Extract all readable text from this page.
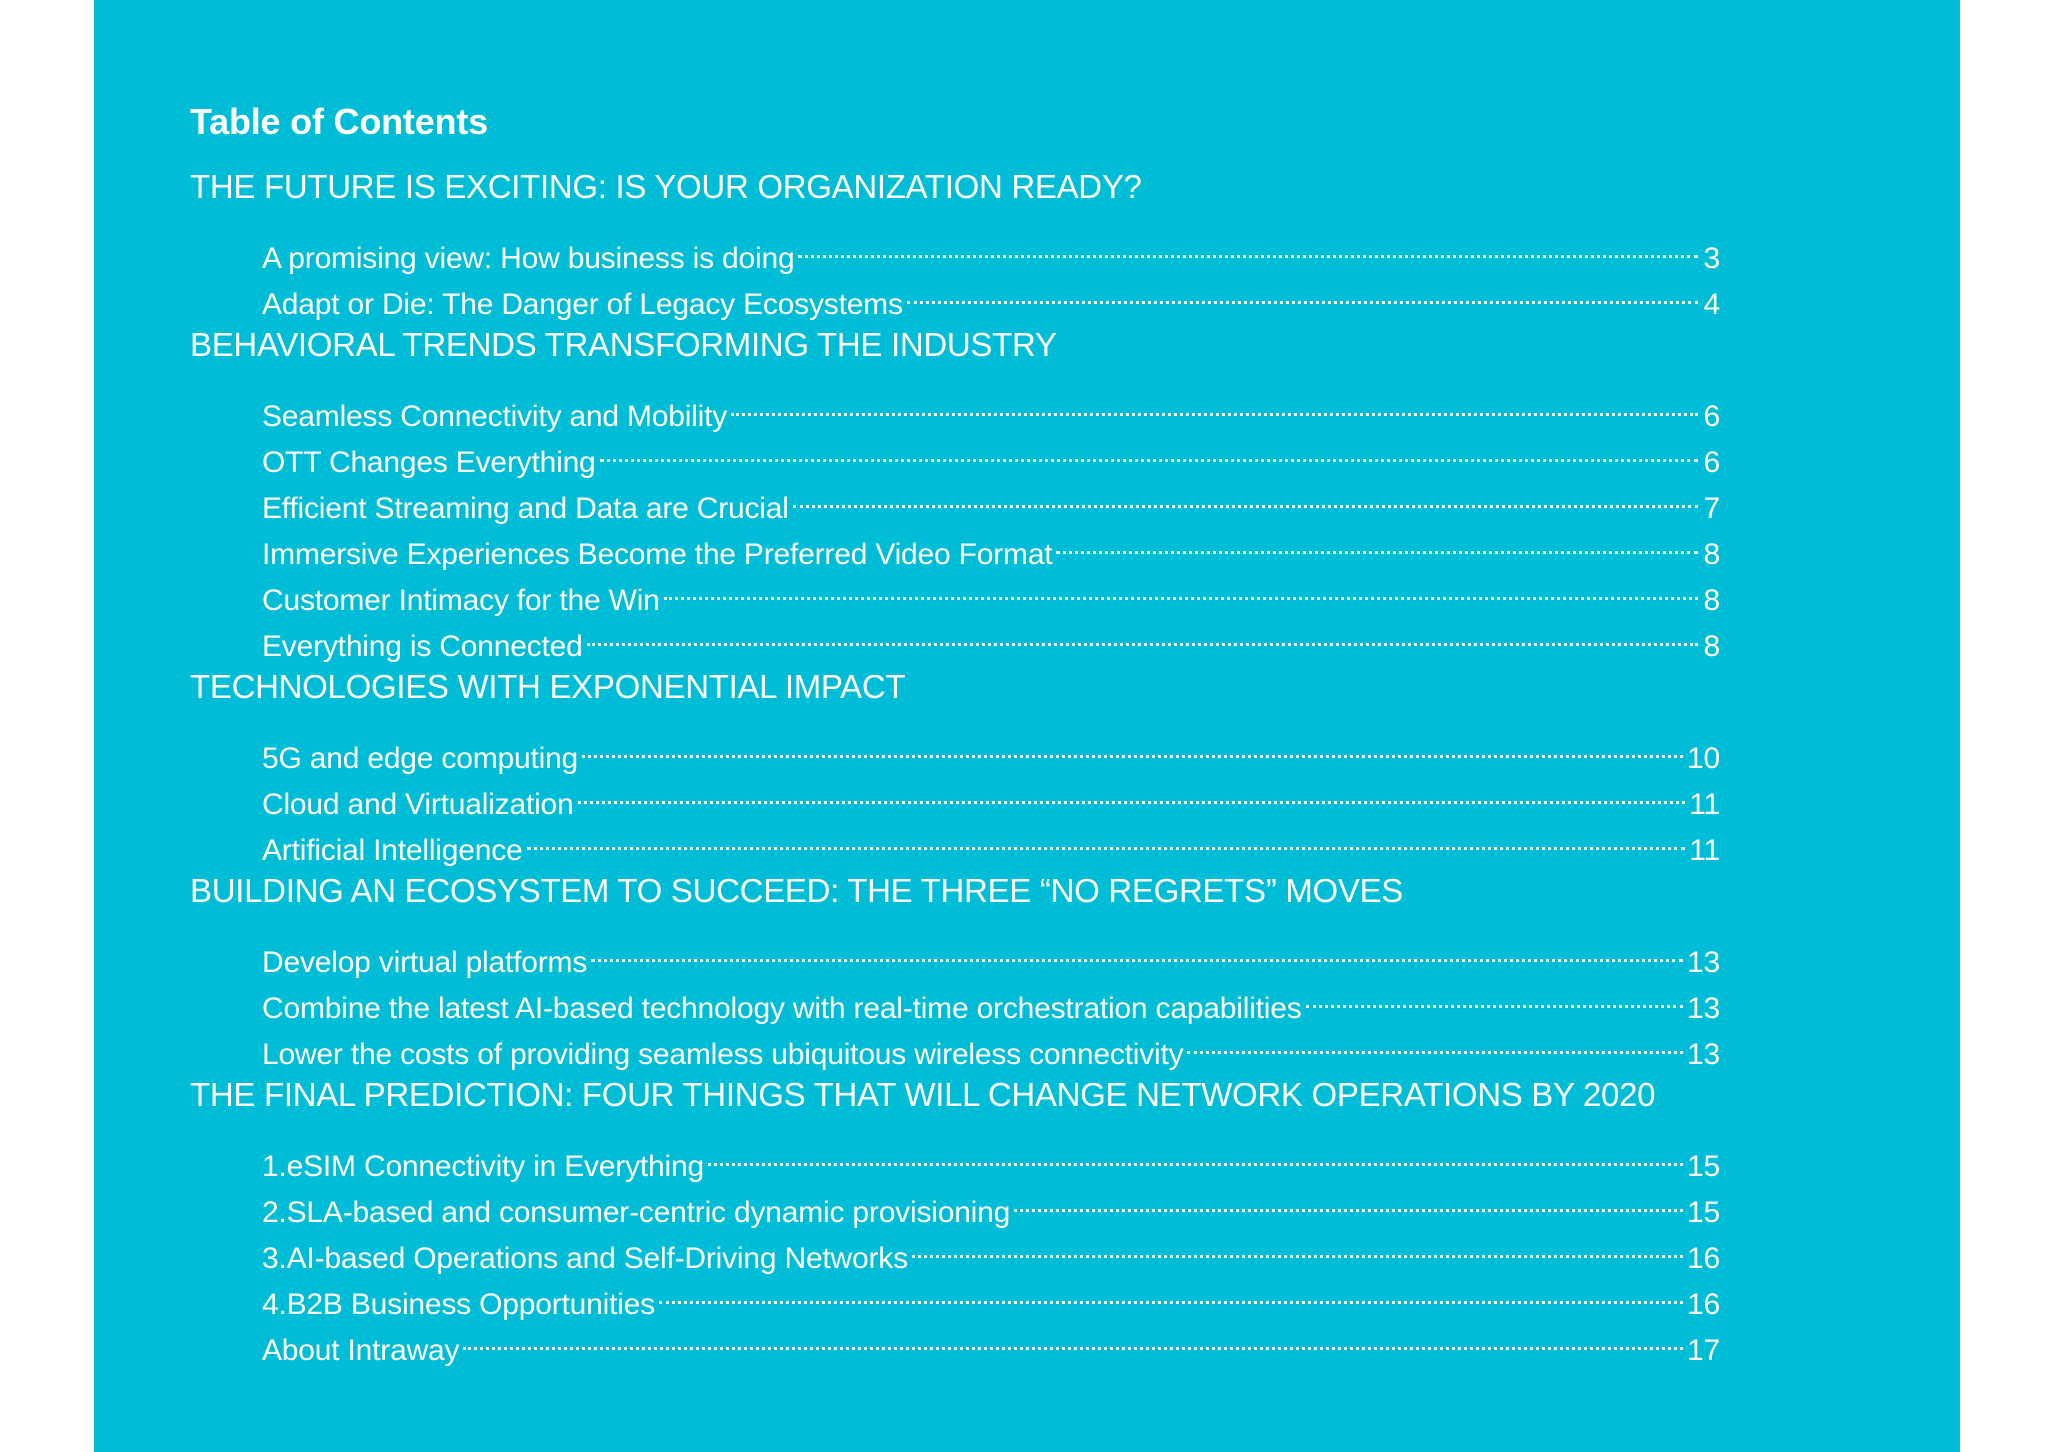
Table of Contents
THE FUTURE IS EXCITING: IS YOUR ORGANIZATION READY?
A promising view: How business is doing	3
Adapt or Die: The Danger of Legacy Ecosystems	4
BEHAVIORAL TRENDS TRANSFORMING THE INDUSTRY
Seamless Connectivity and Mobility	6
OTT Changes Everything	6
Efficient Streaming and Data are Crucial	7
Immersive Experiences Become the Preferred Video Format	8
Customer Intimacy for the Win	8
Everything is Connected	8
TECHNOLOGIES WITH EXPONENTIAL IMPACT
5G and edge computing	10
Cloud and Virtualization	11
Artificial Intelligence	11
BUILDING AN ECOSYSTEM TO SUCCEED: THE THREE “NO REGRETS” MOVES
Develop virtual platforms	13
Combine the latest AI-based technology with real-time orchestration capabilities	13
Lower the costs of providing seamless ubiquitous wireless connectivity	13
THE FINAL PREDICTION: FOUR THINGS THAT WILL CHANGE NETWORK OPERATIONS BY 2020
1.eSIM Connectivity in Everything	15
2.SLA-based and consumer-centric dynamic provisioning	15
3.AI-based Operations and Self-Driving Networks	16
4.B2B Business Opportunities	16
About Intraway	17
